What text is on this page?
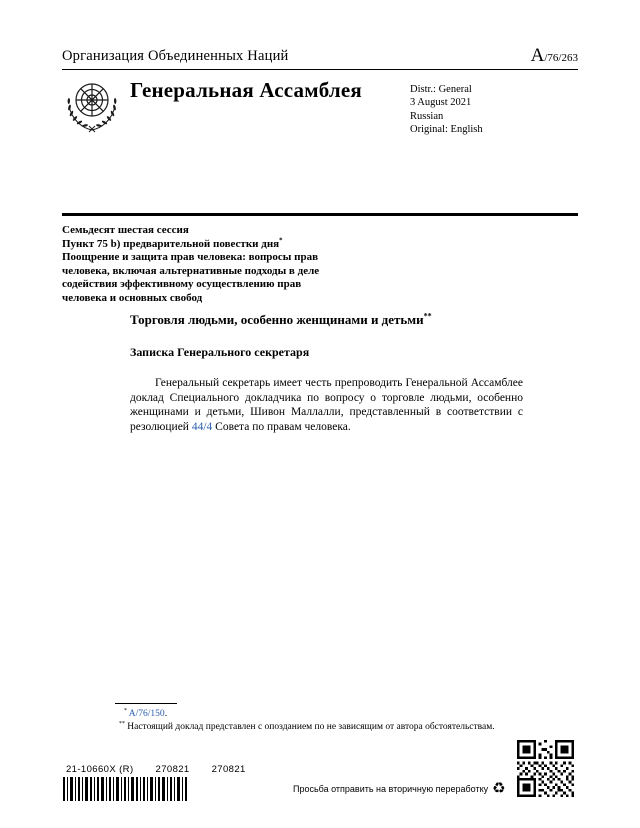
Организация Объединенных Наций	A/76/263
Генеральная Ассамблея	Distr.: General
3 August 2021
Russian
Original: English
Семьдесят шестая сессия
Пункт 75 b) предварительной повестки дня*
Поощрение и защита прав человека: вопросы прав человека, включая альтернативные подходы в деле содействия эффективному осуществлению прав человека и основных свобод
Торговля людьми, особенно женщинами и детьми**
Записка Генерального секретаря

Генеральный секретарь имеет честь препроводить Генеральной Ассамблее доклад Специального докладчика по вопросу о торговле людьми, особенно женщинами и детьми, Шивон Маллалли, представленный в соответствии с резолюцией 44/4 Совета по правам человека.

* A/76/150.
** Настоящий доклад представлен с опозданием по не зависящим от автора обстоятельствам.
21-10660X (R) 270821 270821
Просьба отправить на вторичную переработку ♻
